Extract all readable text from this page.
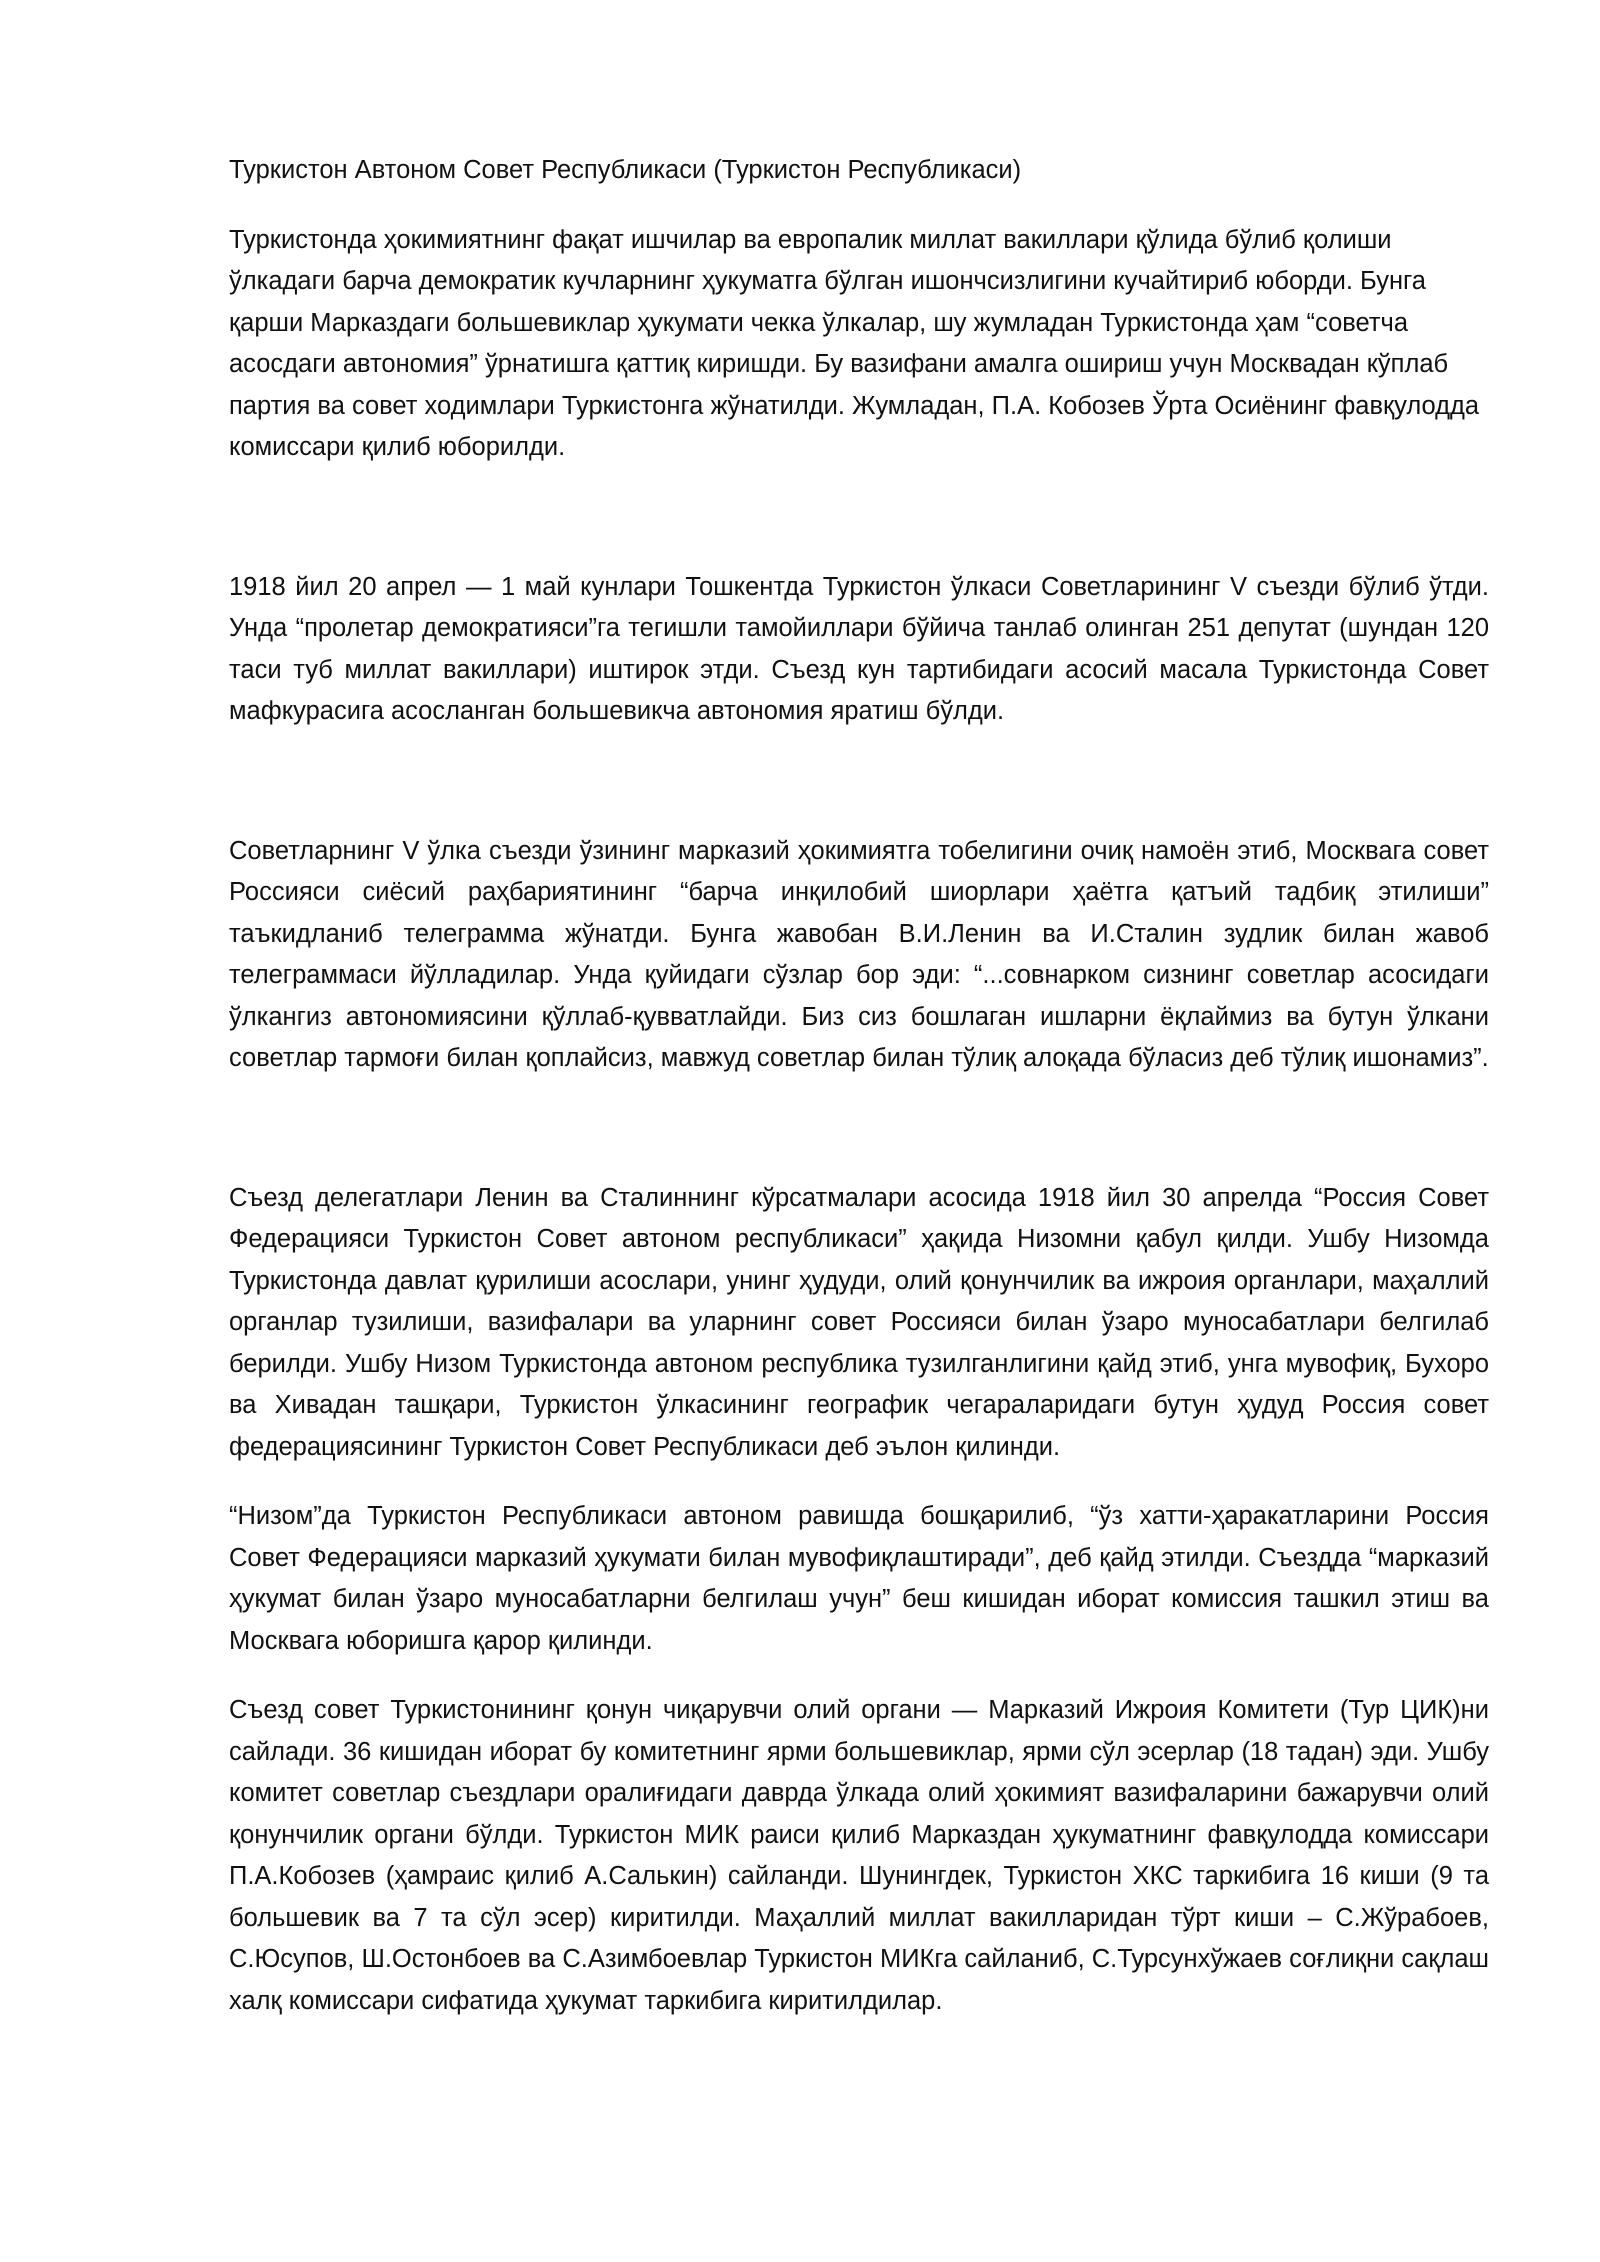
Туркистон Автоном Совет Республикаси (Туркистон Республикаси)

Туркистонда ҳокимиятнинг фақат ишчилар ва европалик миллат вакиллари қўлида бўлиб қолиши ўлкадаги барча демократик кучларнинг ҳукуматга бўлган ишончсизлигини кучайтириб юборди. Бунга қарши Марказдаги большевиклар ҳукумати чекка ўлкалар, шу жумладан Туркистонда ҳам “советча асосдаги автономия” ўрнатишга қаттиқ киришди. Бу вазифани амалга ошириш учун Москвадан кўплаб партия ва совет ходимлари Туркистонга жўнатилди. Жумладан, П.А. Кобозев Ўрта Осиёнинг фавқулодда комиссари қилиб юборилди.

1918 йил 20 апрел — 1 май кунлари Тошкентда Туркистон ўлкаси Советларининг V съезди бўлиб ўтди. Унда “пролетар демократияси”га тегишли тамойиллари бўйича танлаб олинган 251 депутат (шундан 120 таси туб миллат вакиллари) иштирок этди. Съезд кун тартибидаги асосий масала Туркистонда Совет мафкурасига асосланган большевикча автономия яратиш бўлди.

Советларнинг V ўлка съезди ўзининг марказий ҳокимиятга тобелигини очиқ намоён этиб, Москвага совет Россияси сиёсий раҳбариятининг “барча инқилобий шиорлари ҳаётга қатъий тадбиқ этилиши” таъкидланиб телеграмма жўнатди. Бунга жавобан В.И.Ленин ва И.Сталин зудлик билан жавоб телеграммаси йўлладилар. Унда қуйидаги сўзлар бор эди: “...совнарком сизнинг советлар асосидаги ўлкангиз автономиясини қўллаб-қувватлайди. Биз сиз бошлаган ишларни ёқлаймиз ва бутун ўлкани советлар тармоғи билан қоплайсиз, мавжуд советлар билан тўлиқ алоқада бўласиз деб тўлиқ ишонамиз”.

Съезд делегатлари Ленин ва Сталиннинг кўрсатмалари асосида 1918 йил 30 апрелда “Россия Совет Федерацияси Туркистон Совет автоном республикаси” ҳақида Низомни қабул қилди. Ушбу Низомда Туркистонда давлат қурилиши асослари, унинг ҳудуди, олий қонунчилик ва ижроия органлари, маҳаллий органлар тузилиши, вазифалари ва уларнинг совет Россияси билан ўзаро муносабатлари белгилаб берилди. Ушбу Низом Туркистонда автоном республика тузилганлигини қайд этиб, унга мувофиқ, Бухоро ва Хивадан ташқари, Туркистон ўлкасининг географик чегараларидаги бутун ҳудуд Россия совет федерациясининг Туркистон Совет Республикаси деб эълон қилинди.

“Низом”да Туркистон Республикаси автоном равишда бошқарилиб, “ўз хатти-ҳаракатларини Россия Совет Федерацияси марказий ҳукумати билан мувофиқлаштиради”, деб қайд этилди. Съездда “марказий ҳукумат билан ўзаро муносабатларни белгилаш учун” беш кишидан иборат комиссия ташкил этиш ва Москвага юборишга қарор қилинди.

Съезд совет Туркистонининг қонун чиқарувчи олий органи — Марказий Ижроия Комитети (Тур ЦИК)ни сайлади. 36 кишидан иборат бу комитетнинг ярми большевиклар, ярми сўл эсерлар (18 тадан) эди. Ушбу комитет советлар съездлари оралиғидаги даврда ўлкада олий ҳокимият вазифаларини бажарувчи олий қонунчилик органи бўлди. Туркистон МИК раиси қилиб Марказдан ҳукуматнинг фавқулодда комиссари П.А.Кобозев (ҳамраис қилиб А.Салькин) сайланди. Шунингдек, Туркистон ХКС таркибига 16 киши (9 та большевик ва 7 та сўл эсер) киритилди. Маҳаллий миллат вакилларидан тўрт киши – С.Жўрабоев, С.Юсупов, Ш.Остонбоев ва С.Азимбоевлар Туркистон МИКга сайланиб, С.Турсунхўжаев соғлиқни сақлаш халқ комиссари сифатида ҳукумат таркибига киритилдилар.
